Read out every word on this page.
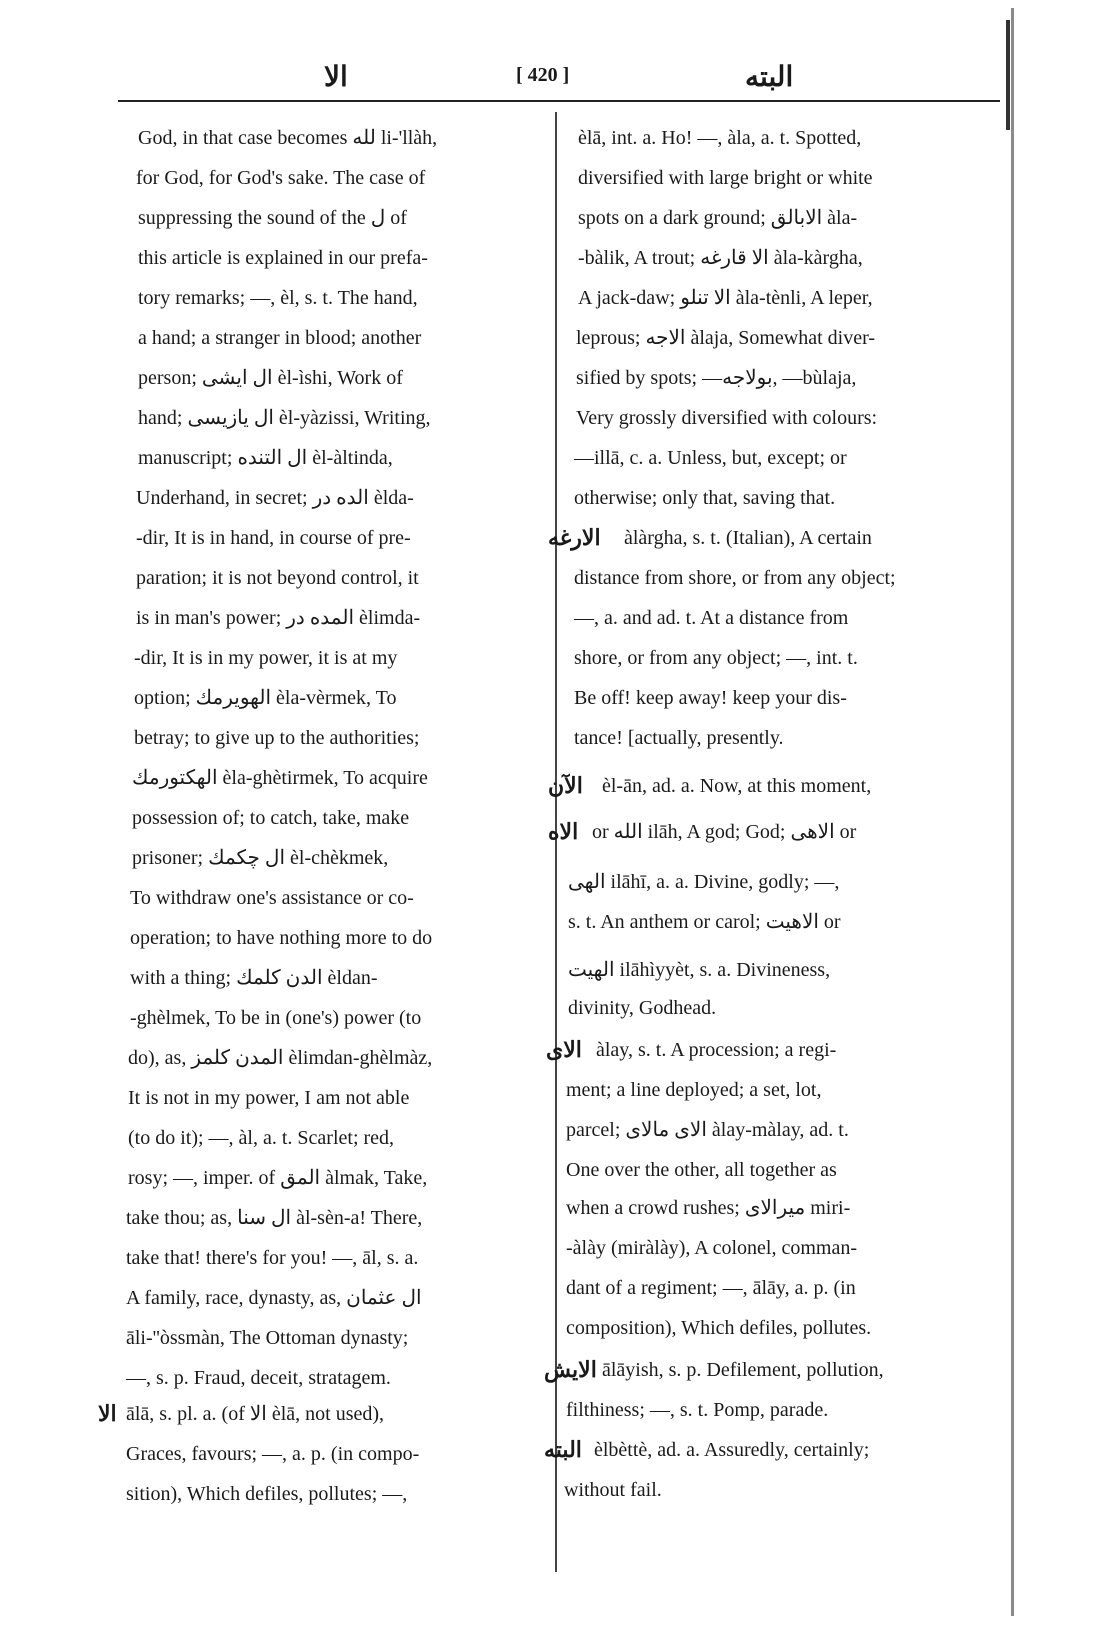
الا	[ 420 ]	البته
God, in that case becomes لله li-'llàh,
for God, for God's sake. The case of
suppressing the sound of the ل of
this article is explained in our prefa-
tory remarks; —, èl, s. t. The hand,
a hand; a stranger in blood; another
person; ال ايشى èl-ìshi, Work of
hand; ال يازيسى èl-yàzissi, Writing,
manuscript; ال التنده èl-àltinda,
Underhand, in secret; الده در èlda-
-dir, It is in hand, in course of pre-
paration; it is not beyond control, it
is in man's power; المده در èlimda-
-dir, It is in my power, it is at my
option; الهويرمك èla-vèrmek, To
betray; to give up to the authorities;
الهكتورمك èla-ghètirmek, To acquire
possession of; to catch, take, make
prisoner; ال چكمك èl-chèkmek,
To withdraw one's assistance or co-
operation; to have nothing more to do
with a thing; الدن كلمك èldan-
-ghèlmek, To be in (one's) power (to
do), as, المدن كلمز èlimdan-ghèlmàz,
It is not in my power, I am not able
(to do it); —, àl, a. t. Scarlet; red,
rosy; —, imper. of المق àlmak, Take,
take thou; as, ال سنا àl-sèn-a! There,
take that! there's for you! —, āl, s. a.
A family, race, dynasty, as, ال عثمان
āli-''òssmàn, The Ottoman dynasty;
—, s. p. Fraud, deceit, stratagem.
الا ālā, s. pl. a. (of الا èlā, not used),
Graces, favours; —, a. p. (in compo-
sition), Which defiles, pollutes; —,
èlā, int. a. Ho! —, àla, a. t. Spotted,
diversified with large bright or white
spots on a dark ground; الابالق àla-
-bàlik, A trout; الا قارغه àla-kàrgha,
A jack-daw; الا تنلو àla-tènli, A leper,
leprous; الاجه àlaja, Somewhat diver-
sified by spots; —بولاجه, —bùlaja,
Very grossly diversified with colours:
—illā, c. a. Unless, but, except; or
otherwise; only that, saving that.
الارغه àlàrgha, s. t. (Italian), A certain
distance from shore, or from any object;
—, a. and ad. t. At a distance from
shore, or from any object; —, int. t.
Be off! keep away! keep your dis-
tance! [actually, presently.
الآن èl-ān, ad. a. Now, at this moment,
الاه or الله ilāh, A god; God; الاهى or
الهى ilāhī, a. a. Divine, godly; —,
s. t. An anthem or carol; الاهيت or
الهيت ilāhìyyèt, s. a. Divineness,
divinity, Godhead.
الاى àlay, s. t. A procession; a regi-
ment; a line deployed; a set, lot,
parcel; الاى مالاى àlay-màlay, ad. t.
One over the other, all together as
when a crowd rushes; ميرالاى miri-
-àlày (miràlày), A colonel, comman-
dant of a regiment; —, ālāy, a. p. (in
composition), Which defiles, pollutes.
الايش ālāyish, s. p. Defilement, pollution,
filthiness; —, s. t. Pomp, parade.
البته èlbèttè, ad. a. Assuredly, certainly;
without fail.
